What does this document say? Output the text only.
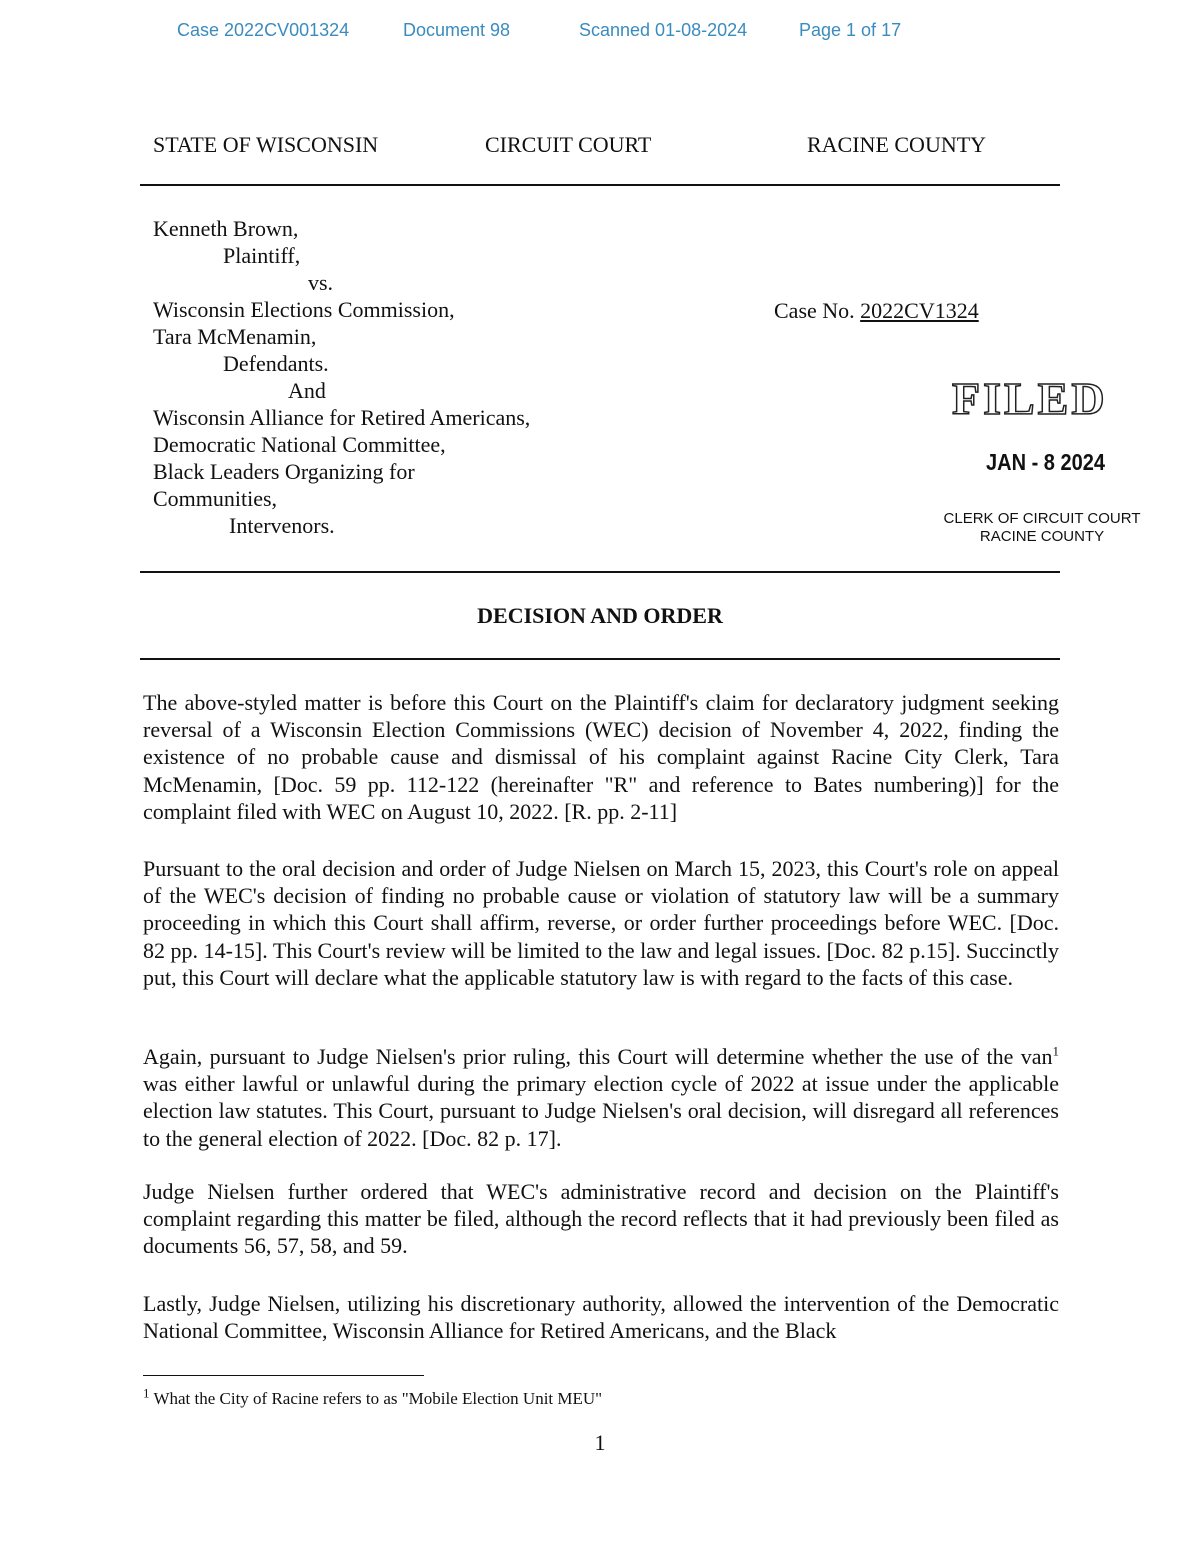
Case 2022CV001324	Document 98	Scanned 01-08-2024	Page 1 of 17
STATE OF WISCONSIN	CIRCUIT COURT	RACINE COUNTY
Kenneth Brown,
Plaintiff,
vs.
Wisconsin Elections Commission,
Tara McMenamin,
Defendants.
And
Wisconsin Alliance for Retired Americans,
Democratic National Committee,
Black Leaders Organizing for
Communities,
Intervenors.
Case No. 2022CV1324
FILED
JAN - 8 2024
CLERK OF CIRCUIT COURT
RACINE COUNTY
DECISION AND ORDER

The above-styled matter is before this Court on the Plaintiff's claim for declaratory judgment seeking reversal of a Wisconsin Election Commissions (WEC) decision of November 4, 2022, finding the existence of no probable cause and dismissal of his complaint against Racine City Clerk, Tara McMenamin, [Doc. 59 pp. 112-122 (hereinafter "R" and reference to Bates numbering)] for the complaint filed with WEC on August 10, 2022. [R. pp. 2-11]

Pursuant to the oral decision and order of Judge Nielsen on March 15, 2023, this Court's role on appeal of the WEC's decision of finding no probable cause or violation of statutory law will be a summary proceeding in which this Court shall affirm, reverse, or order further proceedings before WEC. [Doc. 82 pp. 14-15]. This Court's review will be limited to the law and legal issues. [Doc. 82 p.15]. Succinctly put, this Court will declare what the applicable statutory law is with regard to the facts of this case.

Again, pursuant to Judge Nielsen's prior ruling, this Court will determine whether the use of the van$^1$ was either lawful or unlawful during the primary election cycle of 2022 at issue under the applicable election law statutes. This Court, pursuant to Judge Nielsen's oral decision, will disregard all references to the general election of 2022. [Doc. 82 p. 17].

Judge Nielsen further ordered that WEC's administrative record and decision on the Plaintiff's complaint regarding this matter be filed, although the record reflects that it had previously been filed as documents 56, 57, 58, and 59.

Lastly, Judge Nielsen, utilizing his discretionary authority, allowed the intervention of the Democratic National Committee, Wisconsin Alliance for Retired Americans, and the Black

$^1$ What the City of Racine refers to as "Mobile Election Unit MEU"
1
